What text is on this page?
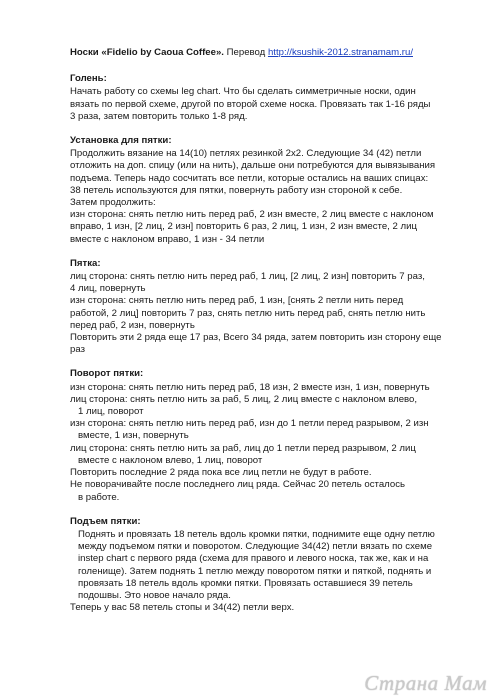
Носки «Fidelio by Caoua Coffee». Перевод http://ksushik-2012.stranamam.ru/

Голень:

Начать работу со схемы leg chart. Что бы сделать симметричные носки, один

вязать по первой схеме, другой по второй схеме носка. Провязать так 1-16 ряды

3 раза, затем повторить только 1-8 ряд.

Установка для пятки:

Продолжить вязание на 14(10) петлях резинкой 2x2. Следующие 34 (42) петли

отложить на доп. спицу (или на нить), дальше они потребуются для вывязывания

подъема. Теперь надо сосчитать все петли, которые остались на ваших спицах:

38 петель используются для пятки, повернуть работу изн стороной к себе.

Затем продолжить:

изн сторона: снять петлю нить перед раб, 2 изн вместе, 2 лиц вместе с наклоном

вправо, 1 изн, [2 лиц, 2 изн] повторить 6 раз, 2 лиц, 1 изн, 2 изн вместе, 2 лиц

вместе с наклоном вправо, 1 изн - 34 петли

Пятка:

лиц сторона: снять петлю нить перед раб, 1 лиц, [2 лиц, 2 изн] повторить 7 раз,

4 лиц, повернуть

изн сторона: снять петлю нить перед раб, 1 изн, [снять 2 петли нить перед

работой, 2 лиц] повторить 7 раз, снять петлю нить перед раб, снять петлю нить

перед раб, 2 изн, повернуть

Повторить эти 2 ряда еще 17 раз, Всего 34 ряда, затем повторить изн сторону еще

раз

Поворот пятки:

изн сторона: снять петлю нить перед раб, 18 изн, 2 вместе изн, 1 изн, повернуть

лиц сторона: снять петлю нить за раб, 5 лиц, 2 лиц вместе с наклоном влево,

1 лиц, поворот

изн сторона: снять петлю нить перед раб, изн до 1 петли перед разрывом, 2 изн

вместе, 1 изн, повернуть

лиц сторона: снять петлю нить за раб, лиц до 1 петли перед разрывом, 2 лиц

вместе с наклоном влево, 1 лиц, поворот

Повторить последние 2 ряда пока все лиц петли не будут в работе.

Не поворачивайте после последнего лиц ряда. Сейчас 20 петель осталось

в работе.

Подъем пятки:

Поднять и провязать 18 петель вдоль кромки пятки, поднимите еще одну петлю

между подъемом пятки и поворотом. Следующие 34(42) петли вязать по схеме

instep chart с первого ряда (схема для правого и левого носка, так же, как и на

голенище). Затем поднять 1 петлю между поворотом пятки и пяткой, поднять и

провязать 18 петель вдоль кромки пятки. Провязать оставшиеся 39 петель

подошвы. Это новое начало ряда.

Теперь у вас 58 петель стопы и 34(42) петли верх.

Страна Мам
